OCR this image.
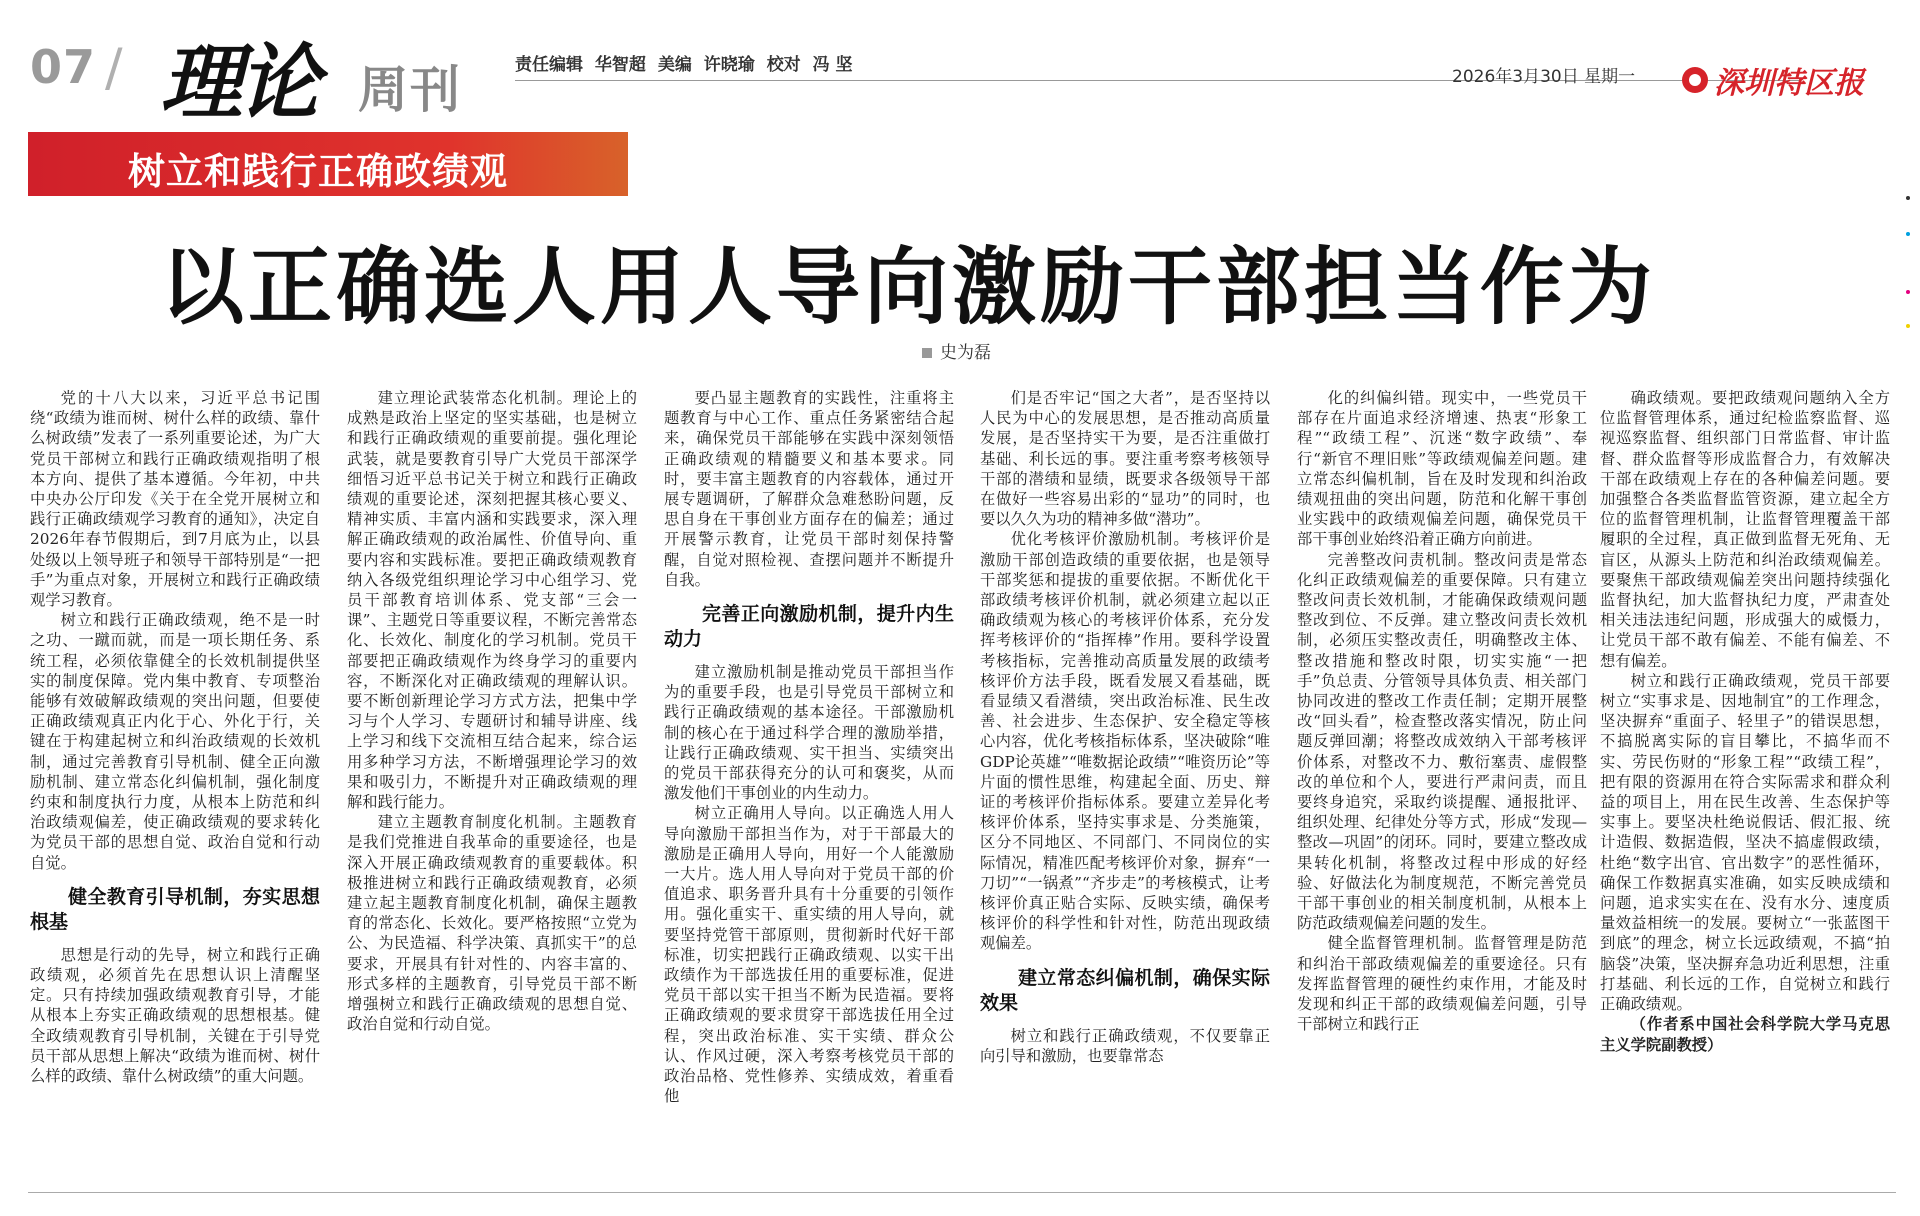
07 / 理论 周刊	责任编辑 华智超 美编 许晓瑜 校对 冯 坚
2026年3月30日 星期一	深圳特区报
树立和践行正确政绩观
以正确选人用人导向激励干部担当作为
史为磊

党的十八大以来，习近平总书记围绕“政绩为谁而树、树什么样的政绩、靠什么树政绩”发表了一系列重要论述，为广大党员干部树立和践行正确政绩观指明了根本方向、提供了基本遵循。今年初，中共中央办公厅印发《关于在全党开展树立和践行正确政绩观学习教育的通知》，决定自2026年春节假期后，到7月底为止，以县处级以上领导班子和领导干部特别是“一把手”为重点对象，开展树立和践行正确政绩观学习教育。

树立和践行正确政绩观，绝不是一时之功、一蹴而就，而是一项长期任务、系统工程，必须依靠健全的长效机制提供坚实的制度保障。党内集中教育、专项整治能够有效破解政绩观的突出问题，但要使正确政绩观真正内化于心、外化于行，关键在于构建起树立和纠治政绩观的长效机制，通过完善教育引导机制、健全正向激励机制、建立常态化纠偏机制，强化制度约束和制度执行力度，从根本上防范和纠治政绩观偏差，使正确政绩观的要求转化为党员干部的思想自觉、政治自觉和行动自觉。

健全教育引导机制，夯实思想根基

思想是行动的先导，树立和践行正确政绩观，必须首先在思想认识上清醒坚定。只有持续加强政绩观教育引导，才能从根本上夯实正确政绩观的思想根基。健全政绩观教育引导机制，关键在于引导党员干部从思想上解决“政绩为谁而树、树什么样的政绩、靠什么树政绩”的重大问题。

建立理论武装常态化机制。理论上的成熟是政治上坚定的坚实基础，也是树立和践行正确政绩观的重要前提。强化理论武装，就是要教育引导广大党员干部深学细悟习近平总书记关于树立和践行正确政绩观的重要论述，深刻把握其核心要义、精神实质、丰富内涵和实践要求，深入理解正确政绩观的政治属性、价值导向、重要内容和实践标准。要把正确政绩观教育纳入各级党组织理论学习中心组学习、党员干部教育培训体系、党支部“三会一课”、主题党日等重要议程，不断完善常态化、长效化、制度化的学习机制。党员干部要把正确政绩观作为终身学习的重要内容，不断深化对正确政绩观的理解认识。要不断创新理论学习方式方法，把集中学习与个人学习、专题研讨和辅导讲座、线上学习和线下交流相互结合起来，综合运用多种学习方法，不断增强理论学习的效果和吸引力，不断提升对正确政绩观的理解和践行能力。

建立主题教育制度化机制。主题教育是我们党推进自我革命的重要途径，也是深入开展正确政绩观教育的重要载体。积极推进树立和践行正确政绩观教育，必须建立起主题教育制度化机制，确保主题教育的常态化、长效化。要严格按照“立党为公、为民造福、科学决策、真抓实干”的总要求，开展具有针对性的、内容丰富的、形式多样的主题教育，引导党员干部不断增强树立和践行正确政绩观的思想自觉、政治自觉和行动自觉。

要凸显主题教育的实践性，注重将主题教育与中心工作、重点任务紧密结合起来，确保党员干部能够在实践中深刻领悟正确政绩观的精髓要义和基本要求。同时，要丰富主题教育的内容载体，通过开展专题调研，了解群众急难愁盼问题，反思自身在干事创业方面存在的偏差；通过开展警示教育，让党员干部时刻保持警醒，自觉对照检视、查摆问题并不断提升自我。

完善正向激励机制，提升内生动力

建立激励机制是推动党员干部担当作为的重要手段，也是引导党员干部树立和践行正确政绩观的基本途径。干部激励机制的核心在于通过科学合理的激励举措，让践行正确政绩观、实干担当、实绩突出的党员干部获得充分的认可和褒奖，从而激发他们干事创业的内生动力。

树立正确用人导向。以正确选人用人导向激励干部担当作为，对于干部最大的激励是正确用人导向，用好一个人能激励一大片。选人用人导向对于党员干部的价值追求、职务晋升具有十分重要的引领作用。强化重实干、重实绩的用人导向，就要坚持党管干部原则，贯彻新时代好干部标准，切实把践行正确政绩观、以实干出政绩作为干部选拔任用的重要标准，促进党员干部以实干担当不断为民造福。要将正确政绩观的要求贯穿干部选拔任用全过程，突出政治标准、实干实绩、群众公认、作风过硬，深入考察考核党员干部的政治品格、党性修养、实绩成效，着重看他

们是否牢记“国之大者”，是否坚持以人民为中心的发展思想，是否推动高质量发展，是否坚持实干为要，是否注重做打基础、利长远的事。要注重考察考核领导干部的潜绩和显绩，既要求各级领导干部在做好一些容易出彩的“显功”的同时，也要以久久为功的精神多做“潜功”。

优化考核评价激励机制。考核评价是激励干部创造政绩的重要依据，也是领导干部奖惩和提拔的重要依据。不断优化干部政绩考核评价机制，就必须建立起以正确政绩观为核心的考核评价体系，充分发挥考核评价的“指挥棒”作用。要科学设置考核指标，完善推动高质量发展的政绩考核评价方法手段，既看发展又看基础，既看显绩又看潜绩，突出政治标准、民生改善、社会进步、生态保护、安全稳定等核心内容，优化考核指标体系，坚决破除“唯GDP论英雄”“唯数据论政绩”“唯资历论”等片面的惯性思维，构建起全面、历史、辩证的考核评价指标体系。要建立差异化考核评价体系，坚持实事求是、分类施策，区分不同地区、不同部门、不同岗位的实际情况，精准匹配考核评价对象，摒弃“一刀切”“一锅煮”“齐步走”的考核模式，让考核评价真正贴合实际、反映实绩，确保考核评价的科学性和针对性，防范出现政绩观偏差。

建立常态纠偏机制，确保实际效果

树立和践行正确政绩观，不仅要靠正向引导和激励，也要靠常态

化的纠偏纠错。现实中，一些党员干部存在片面追求经济增速、热衷“形象工程”“政绩工程”、沉迷“数字政绩”、奉行“新官不理旧账”等政绩观偏差问题。建立常态纠偏机制，旨在及时发现和纠治政绩观扭曲的突出问题，防范和化解干事创业实践中的政绩观偏差问题，确保党员干部干事创业始终沿着正确方向前进。

完善整改问责机制。整改问责是常态化纠正政绩观偏差的重要保障。只有建立整改问责长效机制，才能确保政绩观问题整改到位、不反弹。建立整改问责长效机制，必须压实整改责任，明确整改主体、整改措施和整改时限，切实实施“一把手”负总责、分管领导具体负责、相关部门协同改进的整改工作责任制；定期开展整改“回头看”，检查整改落实情况，防止问题反弹回潮；将整改成效纳入干部考核评价体系，对整改不力、敷衍塞责、虚假整改的单位和个人，要进行严肃问责，而且要终身追究，采取约谈提醒、通报批评、组织处理、纪律处分等方式，形成“发现—整改—巩固”的闭环。同时，要建立整改成果转化机制，将整改过程中形成的好经验、好做法化为制度规范，不断完善党员干部干事创业的相关制度机制，从根本上防范政绩观偏差问题的发生。

健全监督管理机制。监督管理是防范和纠治干部政绩观偏差的重要途径。只有发挥监督管理的硬性约束作用，才能及时发现和纠正干部的政绩观偏差问题，引导干部树立和践行正

确政绩观。要把政绩观问题纳入全方位监督管理体系，通过纪检监察监督、巡视巡察监督、组织部门日常监督、审计监督、群众监督等形成监督合力，有效解决干部在政绩观上存在的各种偏差问题。要加强整合各类监督监管资源，建立起全方位的监督管理机制，让监督管理覆盖干部履职的全过程，真正做到监督无死角、无盲区，从源头上防范和纠治政绩观偏差。要聚焦干部政绩观偏差突出问题持续强化监督执纪，加大监督执纪力度，严肃查处相关违法违纪问题，形成强大的威慑力，让党员干部不敢有偏差、不能有偏差、不想有偏差。

树立和践行正确政绩观，党员干部要树立“实事求是、因地制宜”的工作理念，坚决摒弃“重面子、轻里子”的错误思想，不搞脱离实际的盲目攀比，不搞华而不实、劳民伤财的“形象工程”“政绩工程”，把有限的资源用在符合实际需求和群众利益的项目上，用在民生改善、生态保护等实事上。要坚决杜绝说假话、假汇报、统计造假、数据造假，坚决不搞虚假政绩，杜绝“数字出官、官出数字”的恶性循环，确保工作数据真实准确，如实反映成绩和问题，追求实实在在、没有水分、速度质量效益相统一的发展。要树立“一张蓝图干到底”的理念，树立长远政绩观，不搞“拍脑袋”决策，坚决摒弃急功近利思想，注重打基础、利长远的工作，自觉树立和践行正确政绩观。

（作者系中国社会科学院大学马克思主义学院副教授）
